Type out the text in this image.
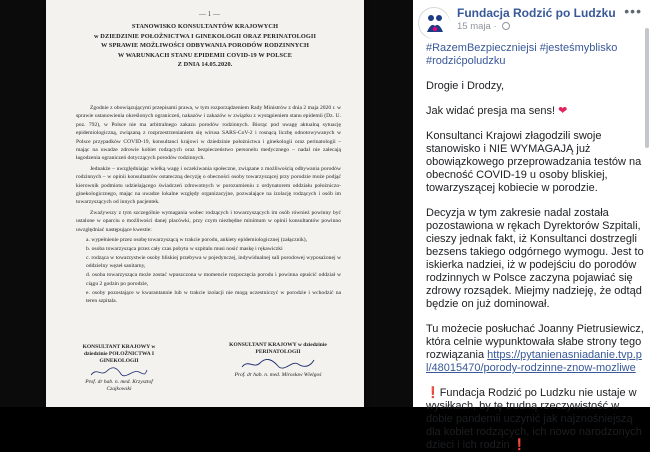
— 1 —
STANOWISKO KONSULTANTÓW KRAJOWYCH
w DZIEDZINIE POŁOŻNICTWA I GINEKOLOGII ORAZ PERINATOLOGII
W SPRAWIE MOŻLIWOŚCI ODBYWANIA PORODÓW RODZINNYCH
W WARUNKACH STANU EPIDEMII COVID-19 W POLSCE
Z DNIA 14.05.2020.

Zgodnie z obowiązującymi przepisami prawa, w tym rozporządzeniem Rady Ministrów z dnia 2 maja 2020 r. w sprawie ustanowienia określonych ograniczeń, nakazów i zakazów w związku z wystąpieniem stanu epidemii (Dz. U. poz. 792), w Polsce nie ma arbitralnego zakazu porodów rodzinnych. Biorąc pod uwagę aktualną sytuację epidemiologiczną, związaną z rozprzestrzenianiem się wirusa SARS-CoV-2 i rosnącą liczbę odnotowywanych w Polsce przypadków COVID-19, konsultanci krajowi w dziedzinie położnictwa i ginekologii oraz perinatologii – mając na uwadze zdrowie kobiet rodzących oraz bezpieczeństwo personelu medycznego – nadal nie zalecają łagodzenia ograniczeń dotyczących porodów rodzinnych.

Jednakże – uwzględniając wielką wagę i oczekiwania społeczne, związane z możliwością odbywania porodów rodzinnych – w opinii konsultantów ostateczną decyzję o obecności osoby towarzyszącej przy porodzie może podjąć kierownik podmiotu udzielającego świadczeń zdrowotnych w porozumieniu z ordynatorem oddziału położniczo-ginekologicznego, mając na uwadze lokalne względy organizacyjne, pozwalające na izolację rodzących i osób im towarzyszących od innych pacjentek.

Zważywszy z tym szczególnie wymagania wobec rodzących i towarzyszących im osób również powinny być ustalone w oparciu o możliwości danej placówki, przy czym niezbędne minimum w opinii konsultantów powinno uwzględniać następujące kwestie:

a. wypełnienie przez osobę towarzyszącą w trakcie porodu, ankiety epidemiologicznej (załącznik),
b. osoba towarzysząca przez cały czas pobytu w szpitalu musi nosić maskę i rękawiczki
c. rodząca w towarzystwie osoby bliskiej przebywa w pojedynczej, indywidualnej sali porodowej wyposażonej w oddzielny węzeł sanitarny,
d. osoba towarzysząca może zostać wpuszczona w momencie rozpoczęcia porodu i powinna opuścić oddział w ciągu 2 godzin po porodzie,
e. osoby pozostające w kwarantannie lub w trakcie izolacji nie mogą uczestniczyć w porodzie i wchodzić na teren szpitala.
KONSULTANT KRAJOWY w dziedzinie POŁOŻNICTWA I GINEKOLOGII
Prof. dr hab. n. med. Krzysztof Czajkowski
KONSULTANT KRAJOWY w dziedzinie PERINATOLOGII
Prof. dr hab. n. med. Mirosław Wielgoś
Fundacja Rodzić po Ludzku
15 maja ·
•••
#RazemBezpieczniejsi #jesteśmyblisko
#rodzićpoludzku

Drogie i Drodzy,

Jak widać presja ma sens! ❤

Konsultanci Krajowi złagodzili swoje stanowisko i NIE WYMAGAJĄ już obowiązkowego przeprowadzania testów na obecność COVID-19 u osoby bliskiej, towarzyszącej kobiecie w porodzie.

Decyzja w tym zakresie nadal została pozostawiona w rękach Dyrektorów Szpitali, cieszy jednak fakt, iż Konsultanci dostrzegli bezsens takiego odgórnego wymogu. Jest to iskierka nadziei, iż w podejściu do porodów rodzinnych w Polsce zaczyna pojawiać się zdrowy rozsądek. Miejmy nadzieję, że odtąd będzie on już dominował.

Tu możecie posłuchać Joanny Pietrusiewicz, która celnie wypunktowała słabe strony tego rozwiązania https://pytanienasniadanie.tvp.pl/48015470/porody-rodzinne-znow-mozliwe

❗Fundacja Rodzić po Ludzku nie ustaje w wysiłkach, by tę trudną rzeczywistość w dobie pandemii uczynić jak najznośniejszą dla kobiet rodzących, ich nowo narodzonych dzieci i ich rodzin ❗
